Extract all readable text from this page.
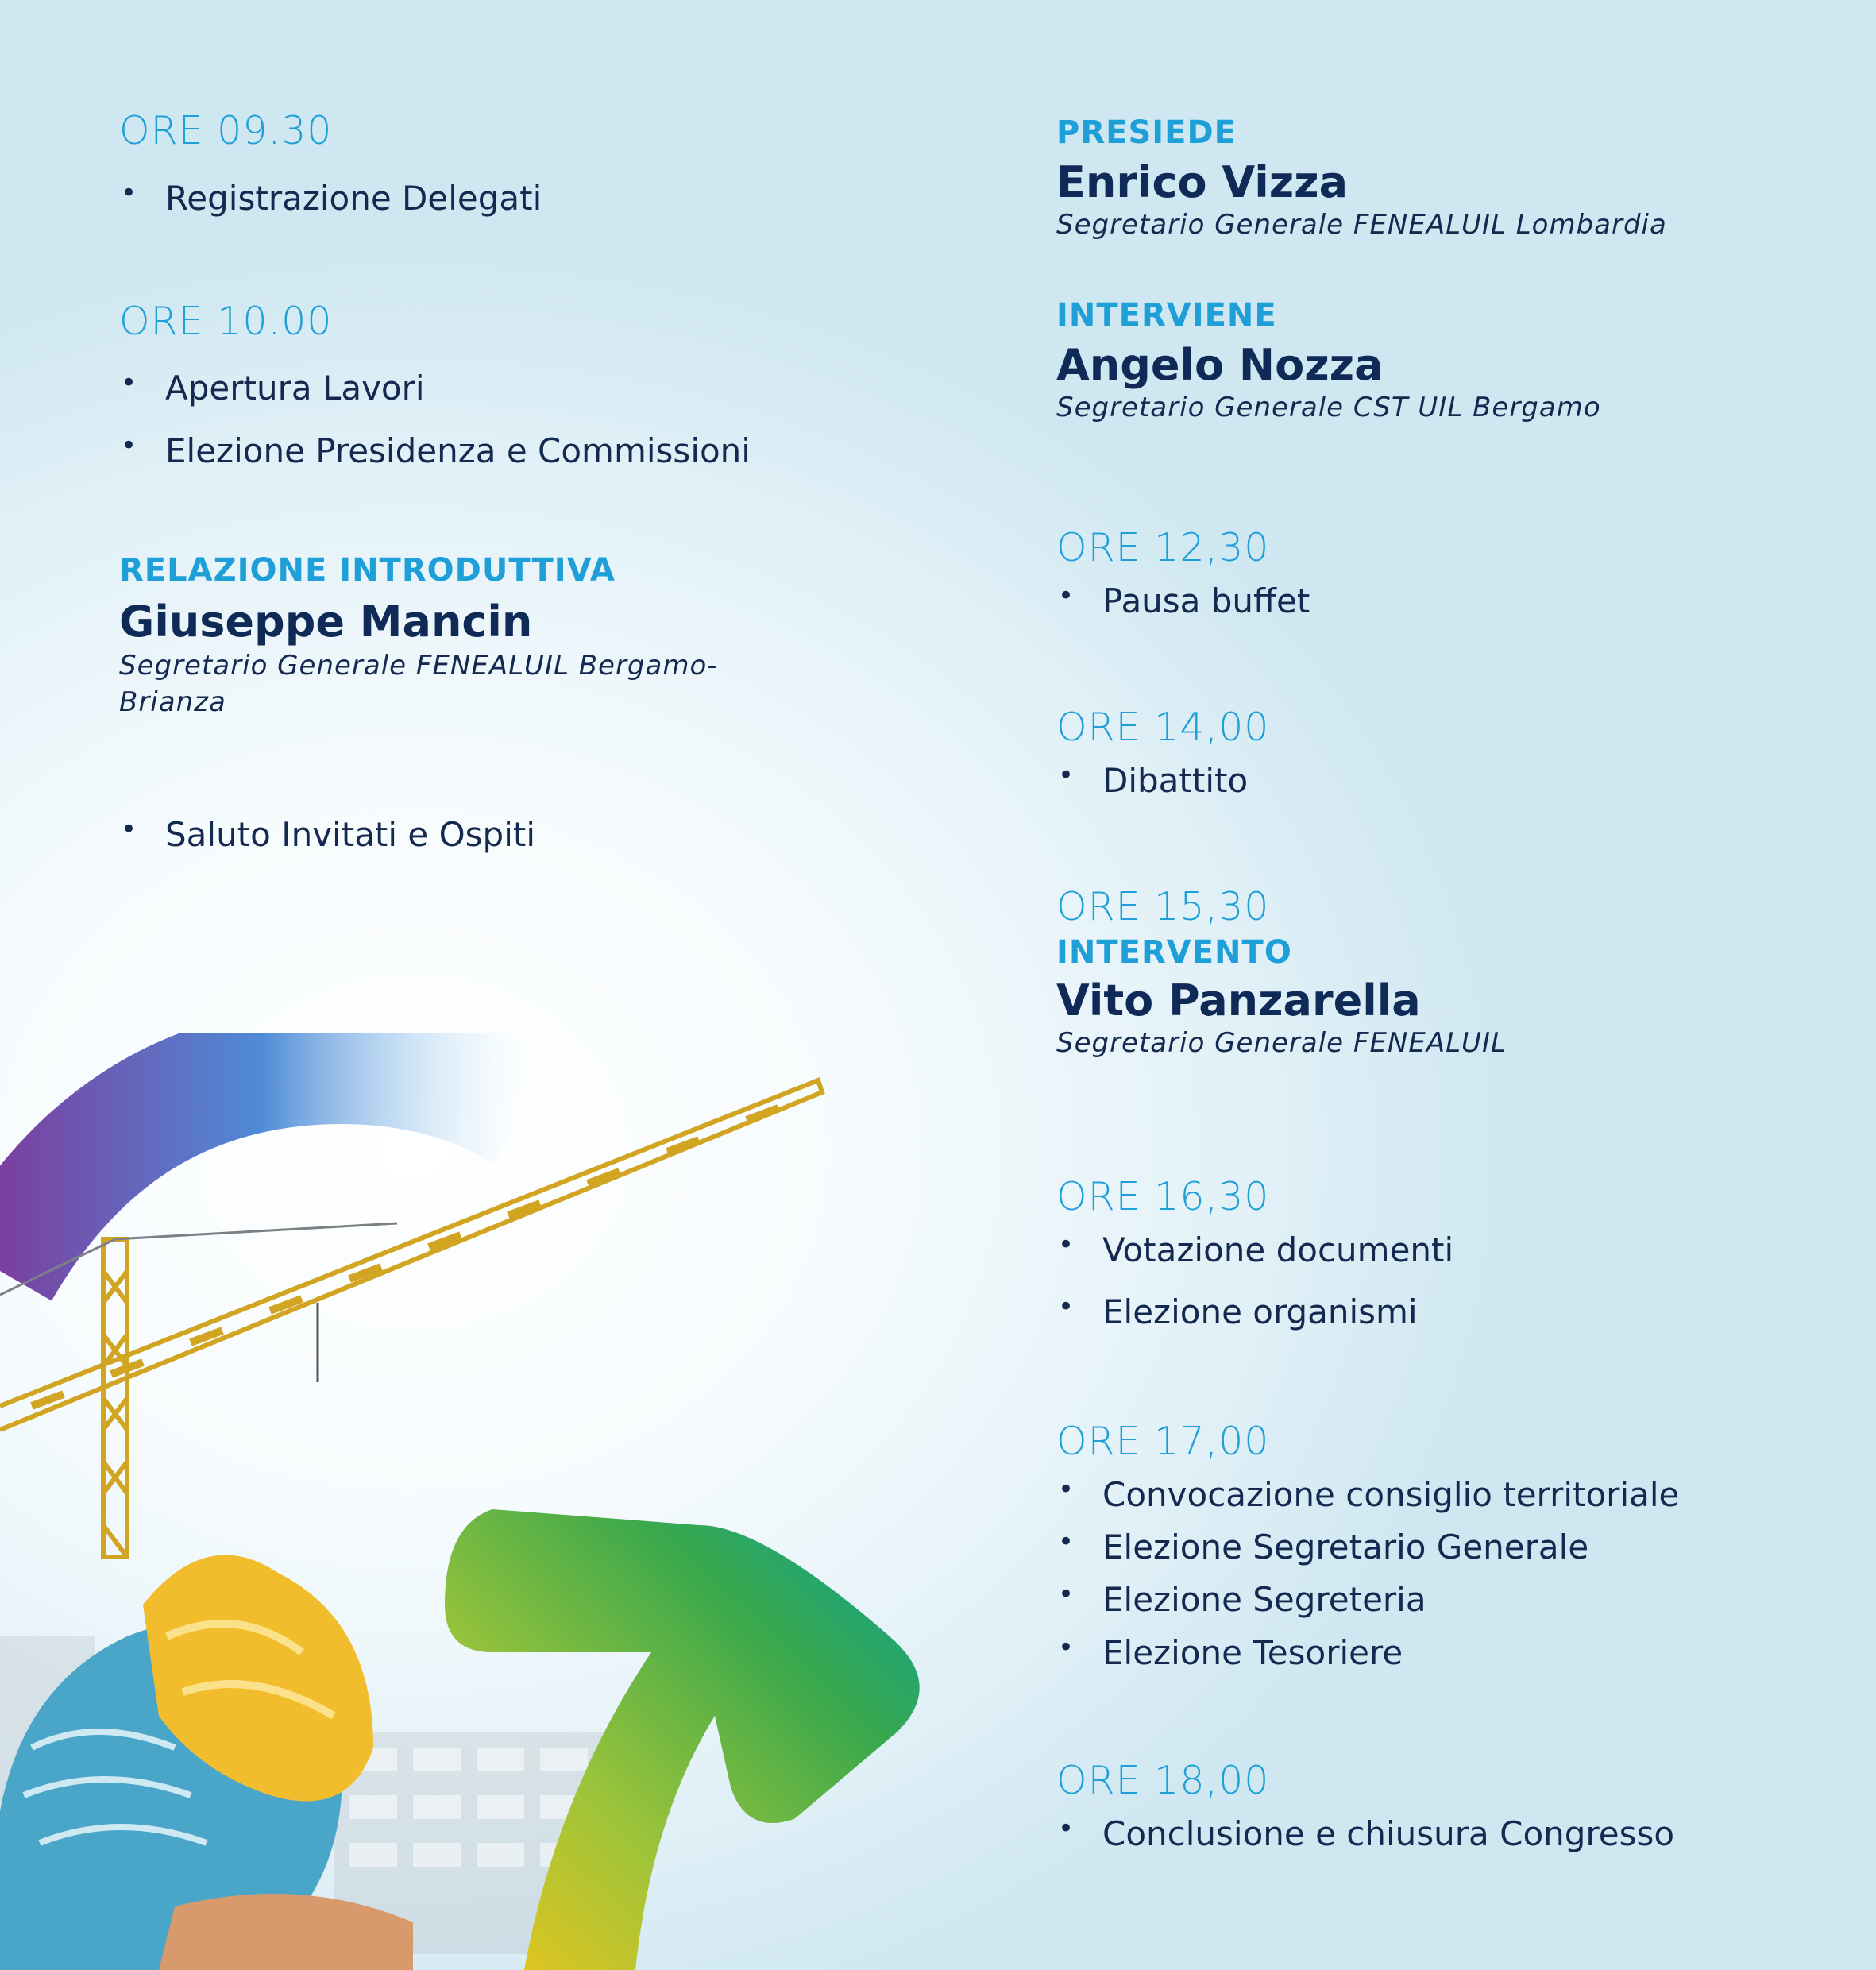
ORE 09.30

• Registrazione Delegati

ORE 10.00

• Apertura Lavori

• Elezione Presidenza e Commissioni

RELAZIONE INTRODUTTIVA

Giuseppe Mancin

Segretario Generale FENEALUIL Bergamo-

Brianza

• Saluto Invitati e Ospiti

PRESIEDE

Enrico Vizza

Segretario Generale FENEALUIL Lombardia

INTERVIENE

Angelo Nozza

Segretario Generale CST UIL Bergamo

ORE 12,30

• Pausa buffet

ORE 14,00

• Dibattito

ORE 15,30

INTERVENTO

Vito Panzarella

Segretario Generale FENEALUIL

ORE 16,30

• Votazione documenti

• Elezione organismi

ORE 17,00

• Convocazione consiglio territoriale

• Elezione Segretario Generale

• Elezione Segreteria

• Elezione Tesoriere

ORE 18,00

• Conclusione e chiusura Congresso
